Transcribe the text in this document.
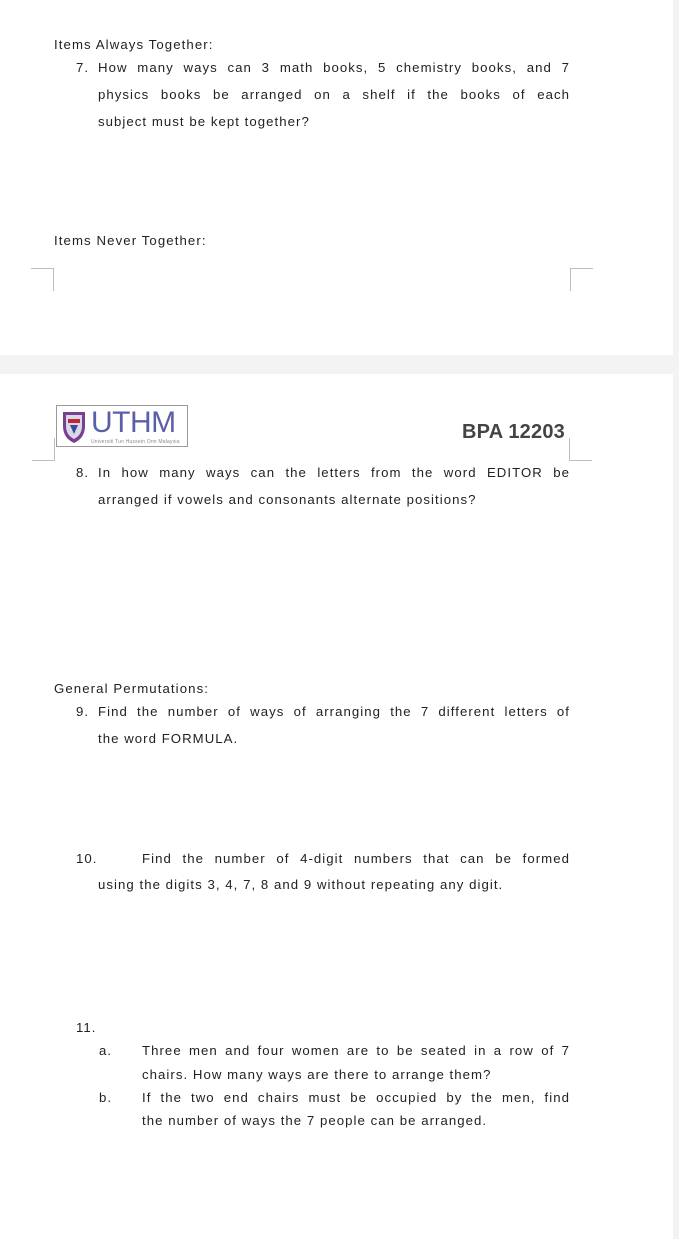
Items Always Together:
7. How many ways can 3 math books, 5 chemistry books, and 7
physics books be arranged on a shelf if the books of each
subject must be kept together?
Items Never Together:
UTHM
Universiti Tun Hussein Onn Malaysia	BPA 12203
8. In how many ways can the letters from the word EDITOR be
arranged if vowels and consonants alternate positions?
General Permutations:
9. Find the number of ways of arranging the 7 different letters of
the word FORMULA.
10.	Find the number of 4-digit numbers that can be formed
using the digits 3, 4, 7, 8 and 9 without repeating any digit.
11.
a. Three men and four women are to be seated in a row of 7
chairs. How many ways are there to arrange them?
b. If the two end chairs must be occupied by the men, find
the number of ways the 7 people can be arranged.
